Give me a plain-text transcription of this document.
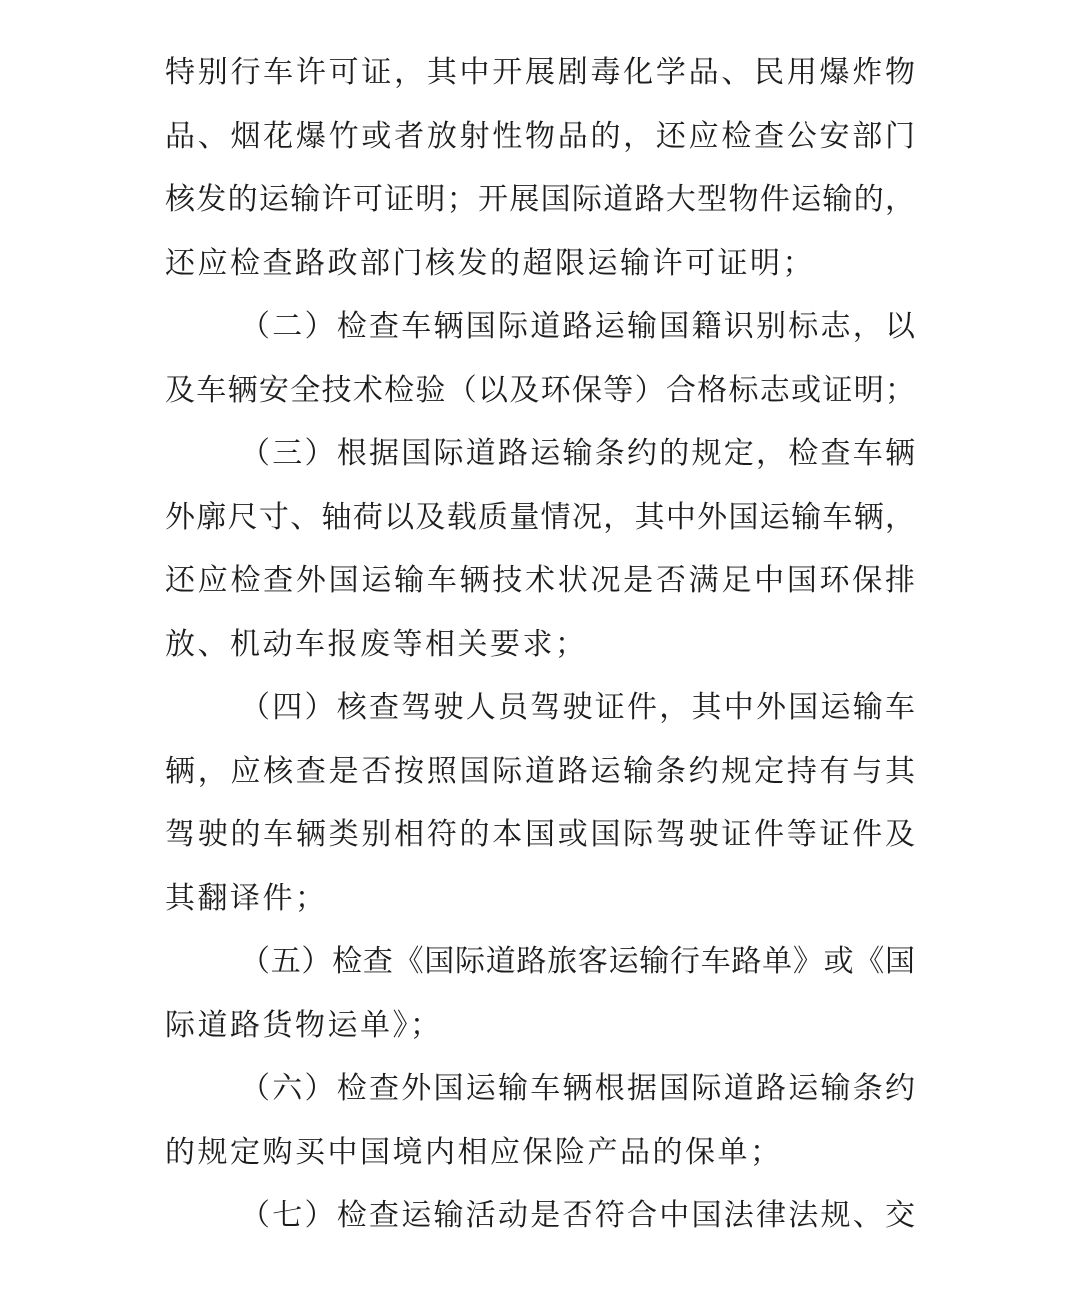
特别行车许可证，其中开展剧毒化学品、民用爆炸物
品、烟花爆竹或者放射性物品的，还应检查公安部门
核发的运输许可证明；开展国际道路大型物件运输的，
还应检查路政部门核发的超限运输许可证明；
（二）检查车辆国际道路运输国籍识别标志，以
及车辆安全技术检验（以及环保等）合格标志或证明；
（三）根据国际道路运输条约的规定，检查车辆
外廓尺寸、轴荷以及载质量情况，其中外国运输车辆，
还应检查外国运输车辆技术状况是否满足中国环保排
放、机动车报废等相关要求；
（四）核查驾驶人员驾驶证件，其中外国运输车
辆，应核查是否按照国际道路运输条约规定持有与其
驾驶的车辆类别相符的本国或国际驾驶证件等证件及
其翻译件；
（五）检查《国际道路旅客运输行车路单》或《国
际道路货物运单》；
（六）检查外国运输车辆根据国际道路运输条约
的规定购买中国境内相应保险产品的保单；
（七）检查运输活动是否符合中国法律法规、交
